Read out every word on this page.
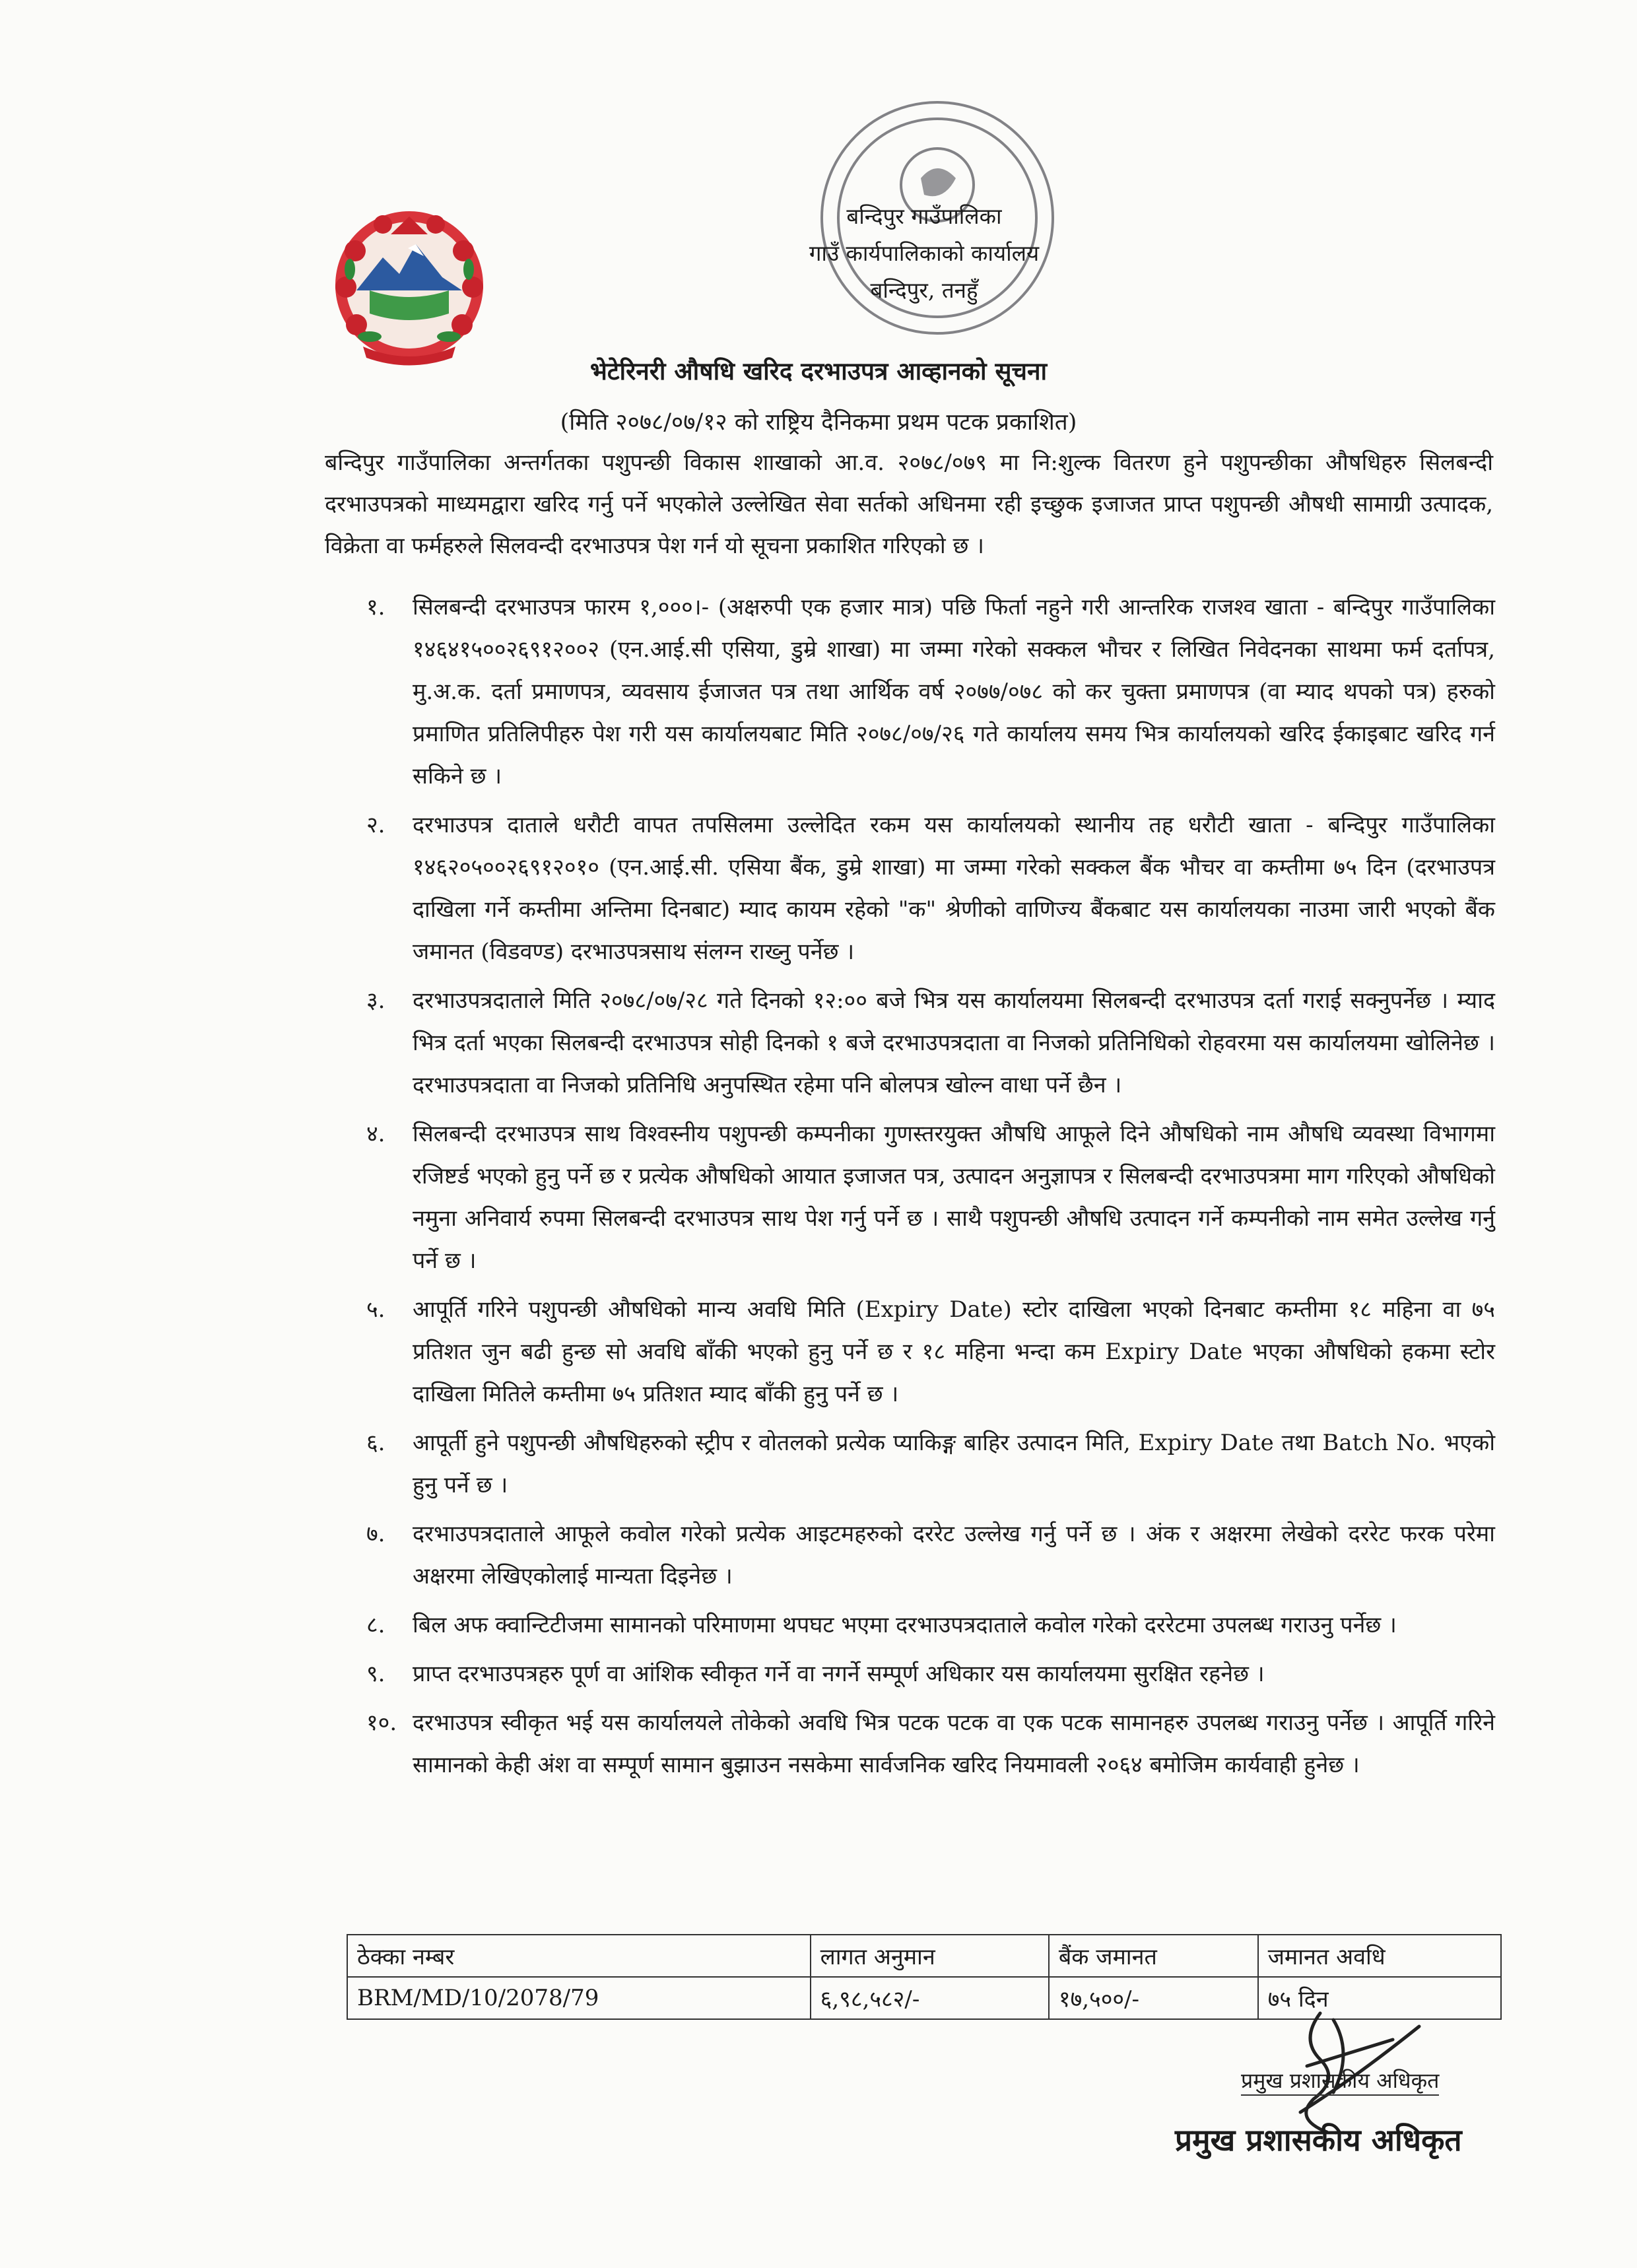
बन्दिपुर गाउँपालिका
गाउँ कार्यपालिकाको कार्यालय
बन्दिपुर, तनहुँ
भेटेरिनरी औषधि खरिद दरभाउपत्र आव्हानको सूचना
(मिति २०७८/०७/१२ को राष्ट्रिय दैनिकमा प्रथम पटक प्रकाशित)
बन्दिपुर गाउँपालिका अन्तर्गतका पशुपन्छी विकास शाखाको आ.व. २०७८/०७९ मा नि:शुल्क वितरण हुने पशुपन्छीका औषधिहरु सिलबन्दी दरभाउपत्रको माध्यमद्वारा खरिद गर्नु पर्ने भएकोले उल्लेखित सेवा सर्तको अधिनमा रही इच्छुक इजाजत प्राप्त पशुपन्छी औषधी सामाग्री उत्पादक, विक्रेता वा फर्महरुले सिलवन्दी दरभाउपत्र पेश गर्न यो सूचना प्रकाशित गरिएको छ ।
१. सिलबन्दी दरभाउपत्र फारम १,०००।- (अक्षरुपी एक हजार मात्र) पछि फिर्ता नहुने गरी आन्तरिक राजश्व खाता - बन्दिपुर गाउँपालिका १४६४१५००२६९१२००२ (एन.आई.सी एसिया, डुम्रे शाखा) मा जम्मा गरेको सक्कल भौचर र लिखित निवेदनका साथमा फर्म दर्तापत्र, मु.अ.क. दर्ता प्रमाणपत्र, व्यवसाय ईजाजत पत्र तथा आर्थिक वर्ष २०७७/०७८ को कर चुक्ता प्रमाणपत्र (वा म्याद थपको पत्र) हरुको प्रमाणित प्रतिलिपीहरु पेश गरी यस कार्यालयबाट मिति २०७८/०७/२६ गते कार्यालय समय भित्र कार्यालयको खरिद ईकाइबाट खरिद गर्न सकिने छ ।
२. दरभाउपत्र दाताले धरौटी वापत तपसिलमा उल्लेदित रकम यस कार्यालयको स्थानीय तह धरौटी खाता - बन्दिपुर गाउँपालिका १४६२०५००२६९१२०१० (एन.आई.सी. एसिया बैंक, डुम्रे शाखा) मा जम्मा गरेको सक्कल बैंक भौचर वा कम्तीमा ७५ दिन (दरभाउपत्र दाखिला गर्ने कम्तीमा अन्तिमा दिनबाट) म्याद कायम रहेको "क" श्रेणीको वाणिज्य बैंकबाट यस कार्यालयका नाउमा जारी भएको बैंक जमानत (विडवण्ड) दरभाउपत्रसाथ संलग्न राख्नु पर्नेछ ।
३. दरभाउपत्रदाताले मिति २०७८/०७/२८ गते दिनको १२:०० बजे भित्र यस कार्यालयमा सिलबन्दी दरभाउपत्र दर्ता गराई सक्नुपर्नेछ । म्याद भित्र दर्ता भएका सिलबन्दी दरभाउपत्र सोही दिनको १ बजे दरभाउपत्रदाता वा निजको प्रतिनिधिको रोहवरमा यस कार्यालयमा खोलिनेछ । दरभाउपत्रदाता वा निजको प्रतिनिधि अनुपस्थित रहेमा पनि बोलपत्र खोल्न वाधा पर्ने छैन ।
४. सिलबन्दी दरभाउपत्र साथ विश्वस्नीय पशुपन्छी कम्पनीका गुणस्तरयुक्त औषधि आफूले दिने औषधिको नाम औषधि व्यवस्था विभागमा रजिष्टर्ड भएको हुनु पर्ने छ र प्रत्येक औषधिको आयात इजाजत पत्र, उत्पादन अनुज्ञापत्र र सिलबन्दी दरभाउपत्रमा माग गरिएको औषधिको नमुना अनिवार्य रुपमा सिलबन्दी दरभाउपत्र साथ पेश गर्नु पर्ने छ । साथै पशुपन्छी औषधि उत्पादन गर्ने कम्पनीको नाम समेत उल्लेख गर्नु पर्ने छ ।
५. आपूर्ति गरिने पशुपन्छी औषधिको मान्य अवधि मिति (Expiry Date) स्टोर दाखिला भएको दिनबाट कम्तीमा १८ महिना वा ७५ प्रतिशत जुन बढी हुन्छ सो अवधि बाँकी भएको हुनु पर्ने छ र १८ महिना भन्दा कम Expiry Date भएका औषधिको हकमा स्टोर दाखिला मितिले कम्तीमा ७५ प्रतिशत म्याद बाँकी हुनु पर्ने छ ।
६. आपूर्ती हुने पशुपन्छी औषधिहरुको स्ट्रीप र वोतलको प्रत्येक प्याकिङ्ग बाहिर उत्पादन मिति, Expiry Date तथा Batch No. भएको हुनु पर्ने छ ।
७. दरभाउपत्रदाताले आफूले कवोल गरेको प्रत्येक आइटमहरुको दररेट उल्लेख गर्नु पर्ने छ । अंक र अक्षरमा लेखेको दररेट फरक परेमा अक्षरमा लेखिएकोलाई मान्यता दिइनेछ ।
८. बिल अफ क्वान्टिटीजमा सामानको परिमाणमा थपघट भएमा दरभाउपत्रदाताले कवोल गरेको दररेटमा उपलब्ध गराउनु पर्नेछ ।
९. प्राप्त दरभाउपत्रहरु पूर्ण वा आंशिक स्वीकृत गर्ने वा नगर्ने सम्पूर्ण अधिकार यस कार्यालयमा सुरक्षित रहनेछ ।
१०. दरभाउपत्र स्वीकृत भई यस कार्यालयले तोकेको अवधि भित्र पटक पटक वा एक पटक सामानहरु उपलब्ध गराउनु पर्नेछ । आपूर्ति गरिने सामानको केही अंश वा सम्पूर्ण सामान बुझाउन नसकेमा सार्वजनिक खरिद नियमावली २०६४ बमोजिम कार्यवाही हुनेछ ।
ठेक्का नम्बर	लागत अनुमान	बैंक जमानत	जमानत अवधि
BRM/MD/10/2078/79	६,९८,५८२/-	१७,५००/-	७५ दिन
प्रमुख प्रशासकीय अधिकृत
प्रमुख प्रशासकीय अधिकृत
